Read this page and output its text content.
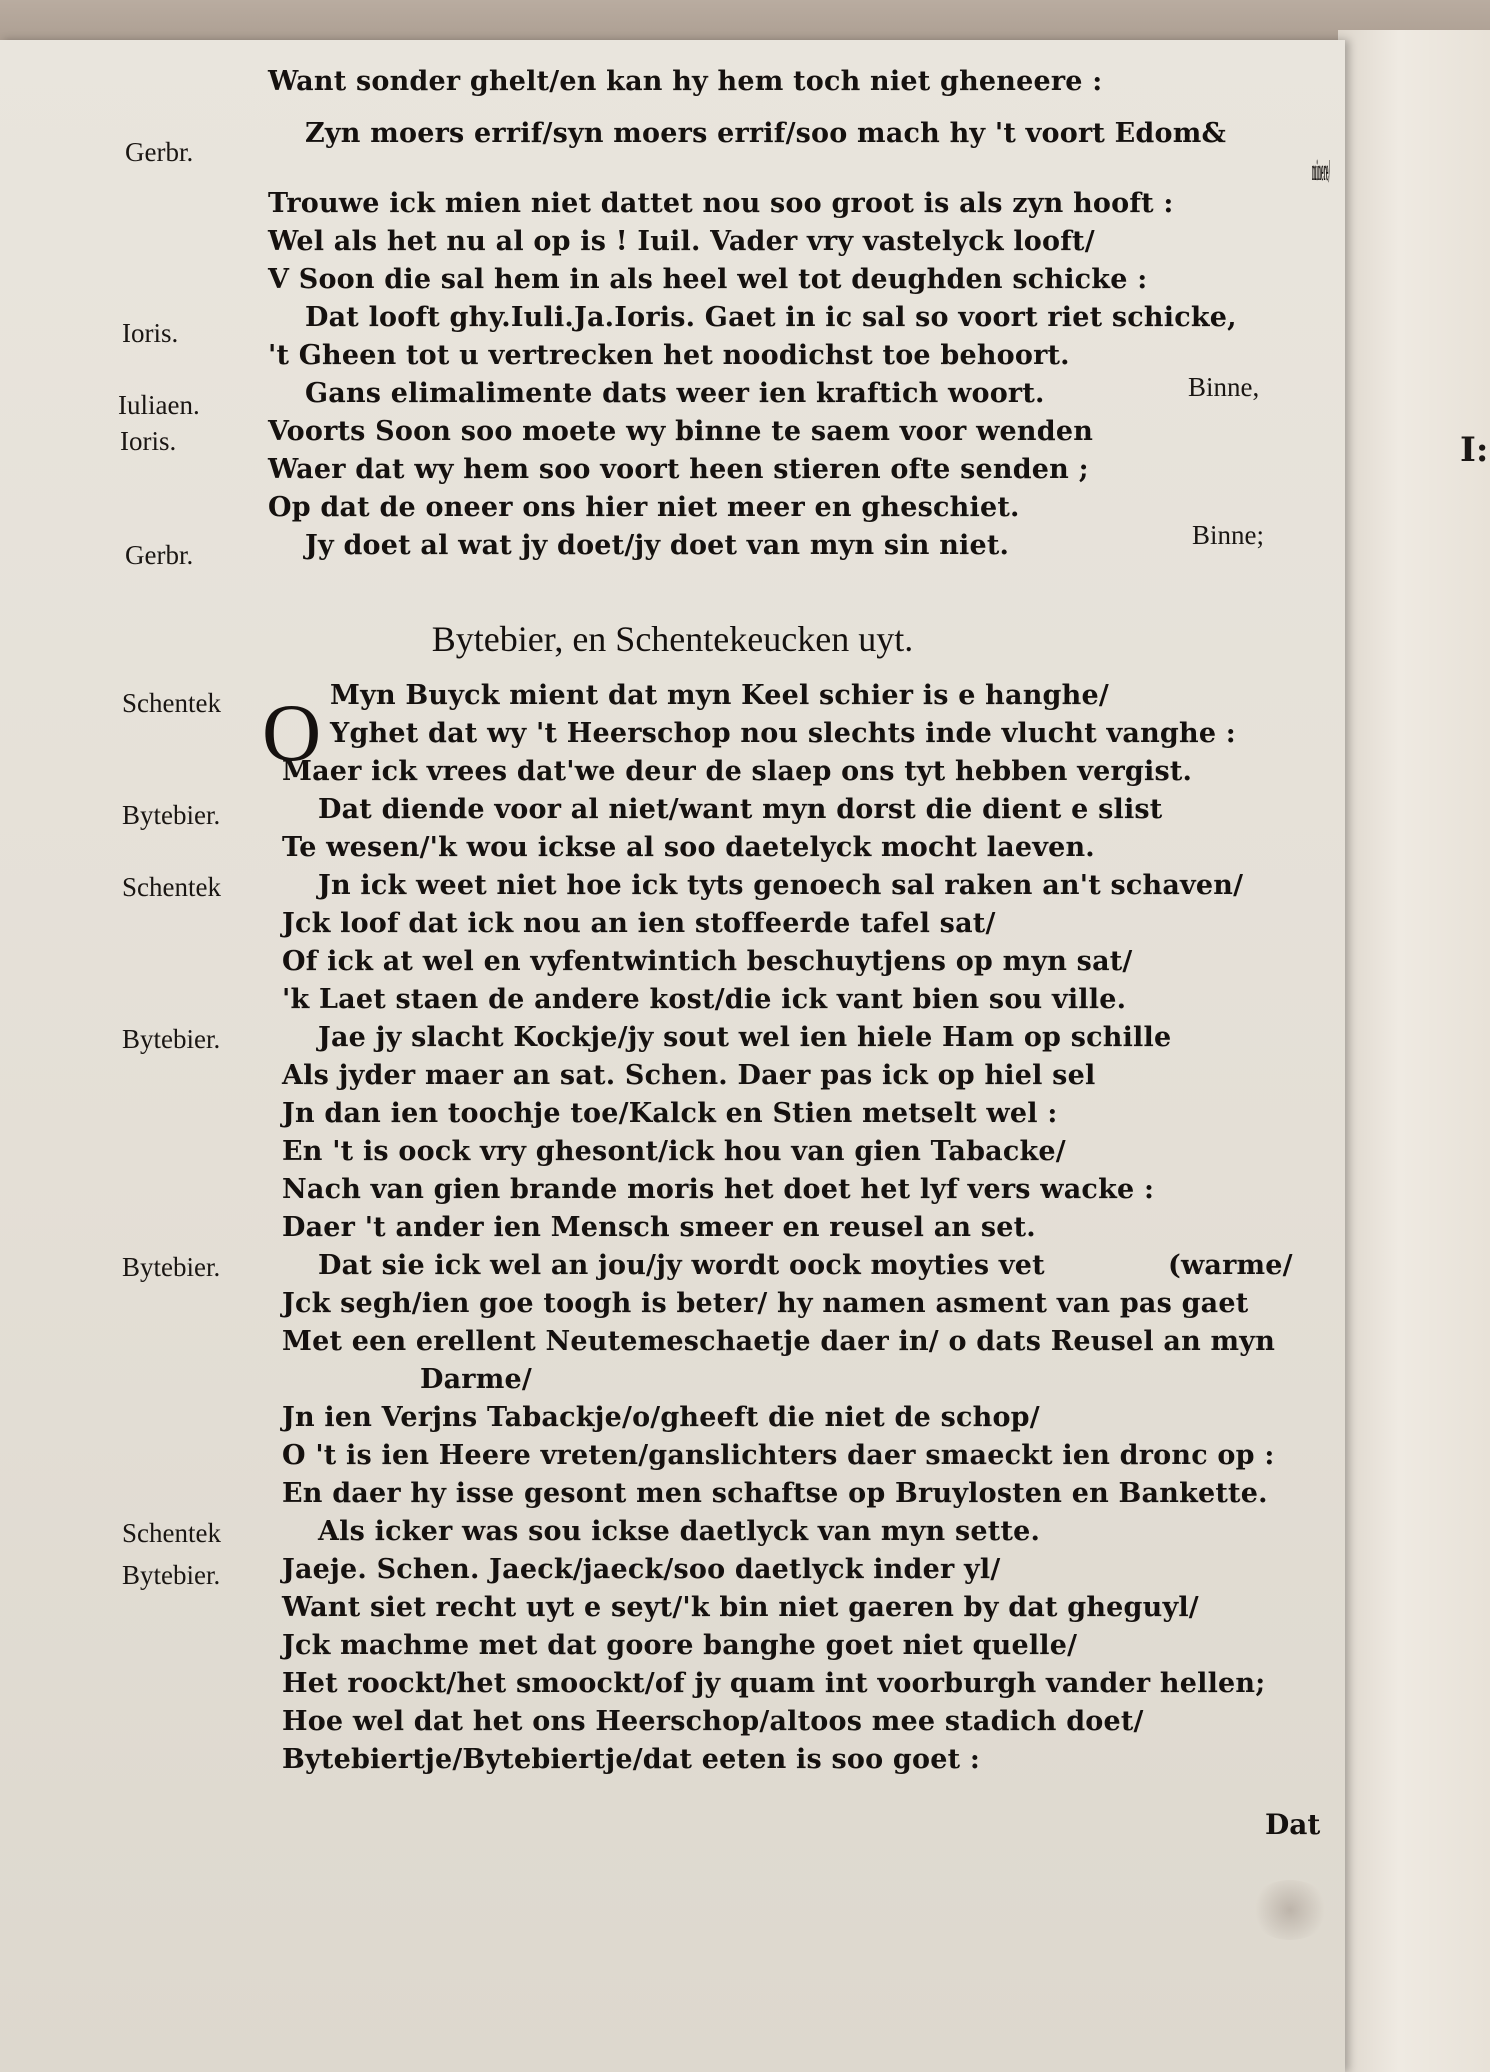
I:
Bytebier, en Schentekeucken uyt.
O
Dat
Want sonder ghelt/en kan hy hem toch niet gheneere :
Zyn moers errif/syn moers errif/soo mach hy 't voort Edom&
minere/
Trouwe ick mien niet dattet nou soo groot is als zyn hooft :
Wel als het nu al op is ! Iuil. Vader vry vastelyck looft/
V Soon die sal hem in als heel wel tot deughden schicke :
Dat looft ghy.Iuli.Ja.Ioris. Gaet in ic sal so voort riet schicke,
't Gheen tot u vertrecken het noodichst toe behoort.
Gans elimalimente dats weer ien kraftich woort.
Voorts Soon soo moete wy binne te saem voor wenden
Waer dat wy hem soo voort heen stieren ofte senden ;
Op dat de oneer ons hier niet meer en gheschiet.
Jy doet al wat jy doet/jy doet van myn sin niet.
Myn Buyck mient dat myn Keel schier is e hanghe/
Yghet dat wy 't Heerschop nou slechts inde vlucht vanghe :
Maer ick vrees dat'we deur de slaep ons tyt hebben vergist.
Dat diende voor al niet/want myn dorst die dient e slist
Te wesen/'k wou ickse al soo daetelyck mocht laeven.
Jn ick weet niet hoe ick tyts genoech sal raken an't schaven/
Jck loof dat ick nou an ien stoffeerde tafel sat/
Of ick at wel en vyfentwintich beschuytjens op myn sat/
'k Laet staen de andere kost/die ick vant bien sou ville.
Jae jy slacht Kockje/jy sout wel ien hiele Ham op schille
Als jyder maer an sat. Schen. Daer pas ick op hiel sel
Jn dan ien toochje toe/Kalck en Stien metselt wel :
En 't is oock vry ghesont/ick hou van gien Tabacke/
Nach van gien brande moris het doet het lyf vers wacke :
Daer 't ander ien Mensch smeer en reusel an set.
Dat sie ick wel an jou/jy wordt oock moyties vet	(warme/
Jck segh/ien goe toogh is beter/ hy namen asment van pas gaet
Met een erellent Neutemeschaetje daer in/ o dats Reusel an myn
Darme/
Jn ien Verjns Tabackje/o/gheeft die niet de schop/
O 't is ien Heere vreten/ganslichters daer smaeckt ien dronc op :
En daer hy isse gesont men schaftse op Bruylosten en Bankette.
Als icker was sou ickse daetlyck van myn sette.
Jaeje. Schen. Jaeck/jaeck/soo daetlyck inder yl/
Want siet recht uyt e seyt/'k bin niet gaeren by dat gheguyl/
Jck machme met dat goore banghe goet niet quelle/
Het roockt/het smoockt/of jy quam int voorburgh vander hellen;
Hoe wel dat het ons Heerschop/altoos mee stadich doet/
Bytebiertje/Bytebiertje/dat eeten is soo goet :
Gerbr.
Ioris.
Iuliaen.
Ioris.
Gerbr.
Schentek
Bytebier.
Schentek
Bytebier.
Bytebier.
Schentek
Bytebier.
Binne,
Binne;
